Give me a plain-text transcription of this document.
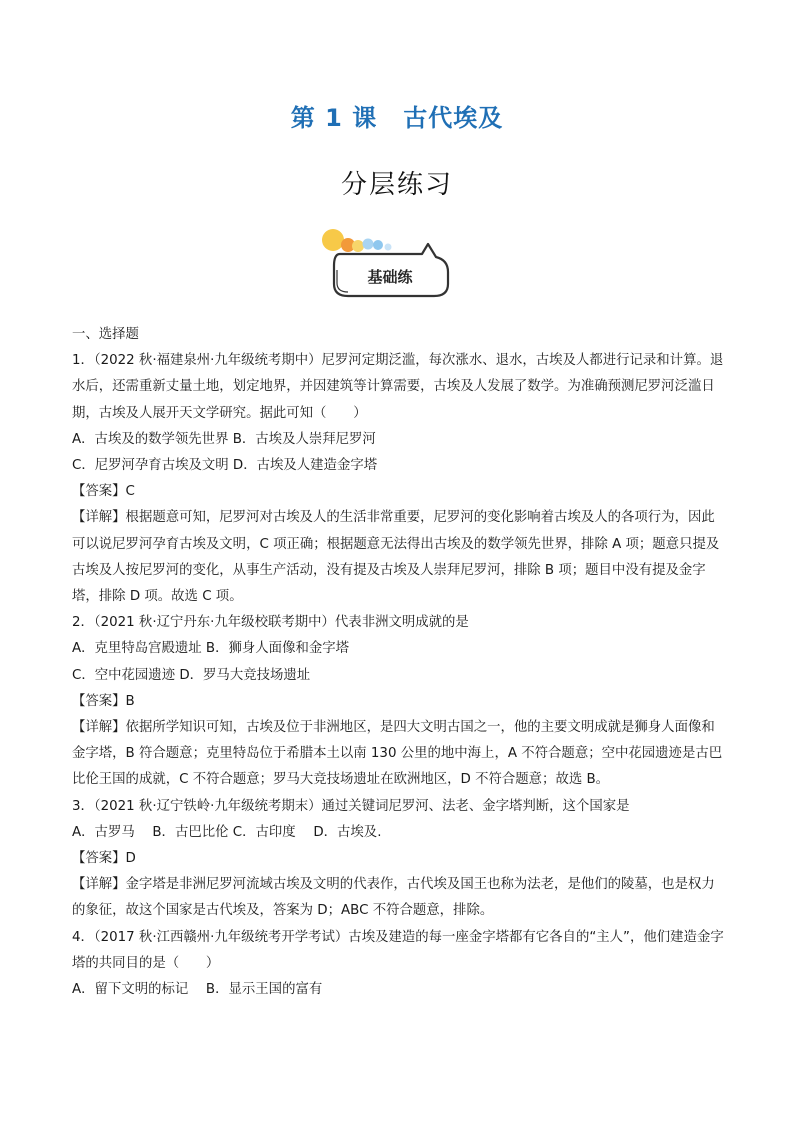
第 1 课 古代埃及
分层练习
基础练

一、选择题

1．（2022 秋·福建泉州·九年级统考期中）尼罗河定期泛滥，每次涨水、退水，古埃及人都进行记录和计算。退水后，还需重新丈量土地，划定地界，并因建筑等计算需要，古埃及人发展了数学。为准确预测尼罗河泛滥日期，古埃及人展开天文学研究。据此可知（　　）

A．古埃及的数学领先世界 B．古埃及人崇拜尼罗河

C．尼罗河孕育古埃及文明 D．古埃及人建造金字塔

【答案】C

【详解】根据题意可知，尼罗河对古埃及人的生活非常重要，尼罗河的变化影响着古埃及人的各项行为，因此可以说尼罗河孕育古埃及文明，C 项正确；根据题意无法得出古埃及的数学领先世界，排除 A 项；题意只提及古埃及人按尼罗河的变化，从事生产活动，没有提及古埃及人崇拜尼罗河，排除 B 项；题目中没有提及金字塔，排除 D 项。故选 C 项。

2．（2021 秋·辽宁丹东·九年级校联考期中）代表非洲文明成就的是

A．克里特岛宫殿遗址 B．狮身人面像和金字塔

C．空中花园遗迹 D．罗马大竞技场遗址

【答案】B

【详解】依据所学知识可知，古埃及位于非洲地区，是四大文明古国之一，他的主要文明成就是狮身人面像和金字塔，B 符合题意；克里特岛位于希腊本土以南 130 公里的地中海上，A 不符合题意；空中花园遗迹是古巴比伦王国的成就，C 不符合题意；罗马大竞技场遗址在欧洲地区，D 不符合题意；故选 B。

3．（2021 秋·辽宁铁岭·九年级统考期末）通过关键词尼罗河、法老、金字塔判断，这个国家是

A．古罗马　 B．古巴比伦 C．古印度　 D．古埃及.

【答案】D

【详解】金字塔是非洲尼罗河流域古埃及文明的代表作，古代埃及国王也称为法老，是他们的陵墓，也是权力的象征，故这个国家是古代埃及，答案为 D；ABC 不符合题意，排除。

4．（2017 秋·江西赣州·九年级统考开学考试）古埃及建造的每一座金字塔都有它各自的“主人”，他们建造金字塔的共同目的是（　　）

A．留下文明的标记　 B．显示王国的富有
